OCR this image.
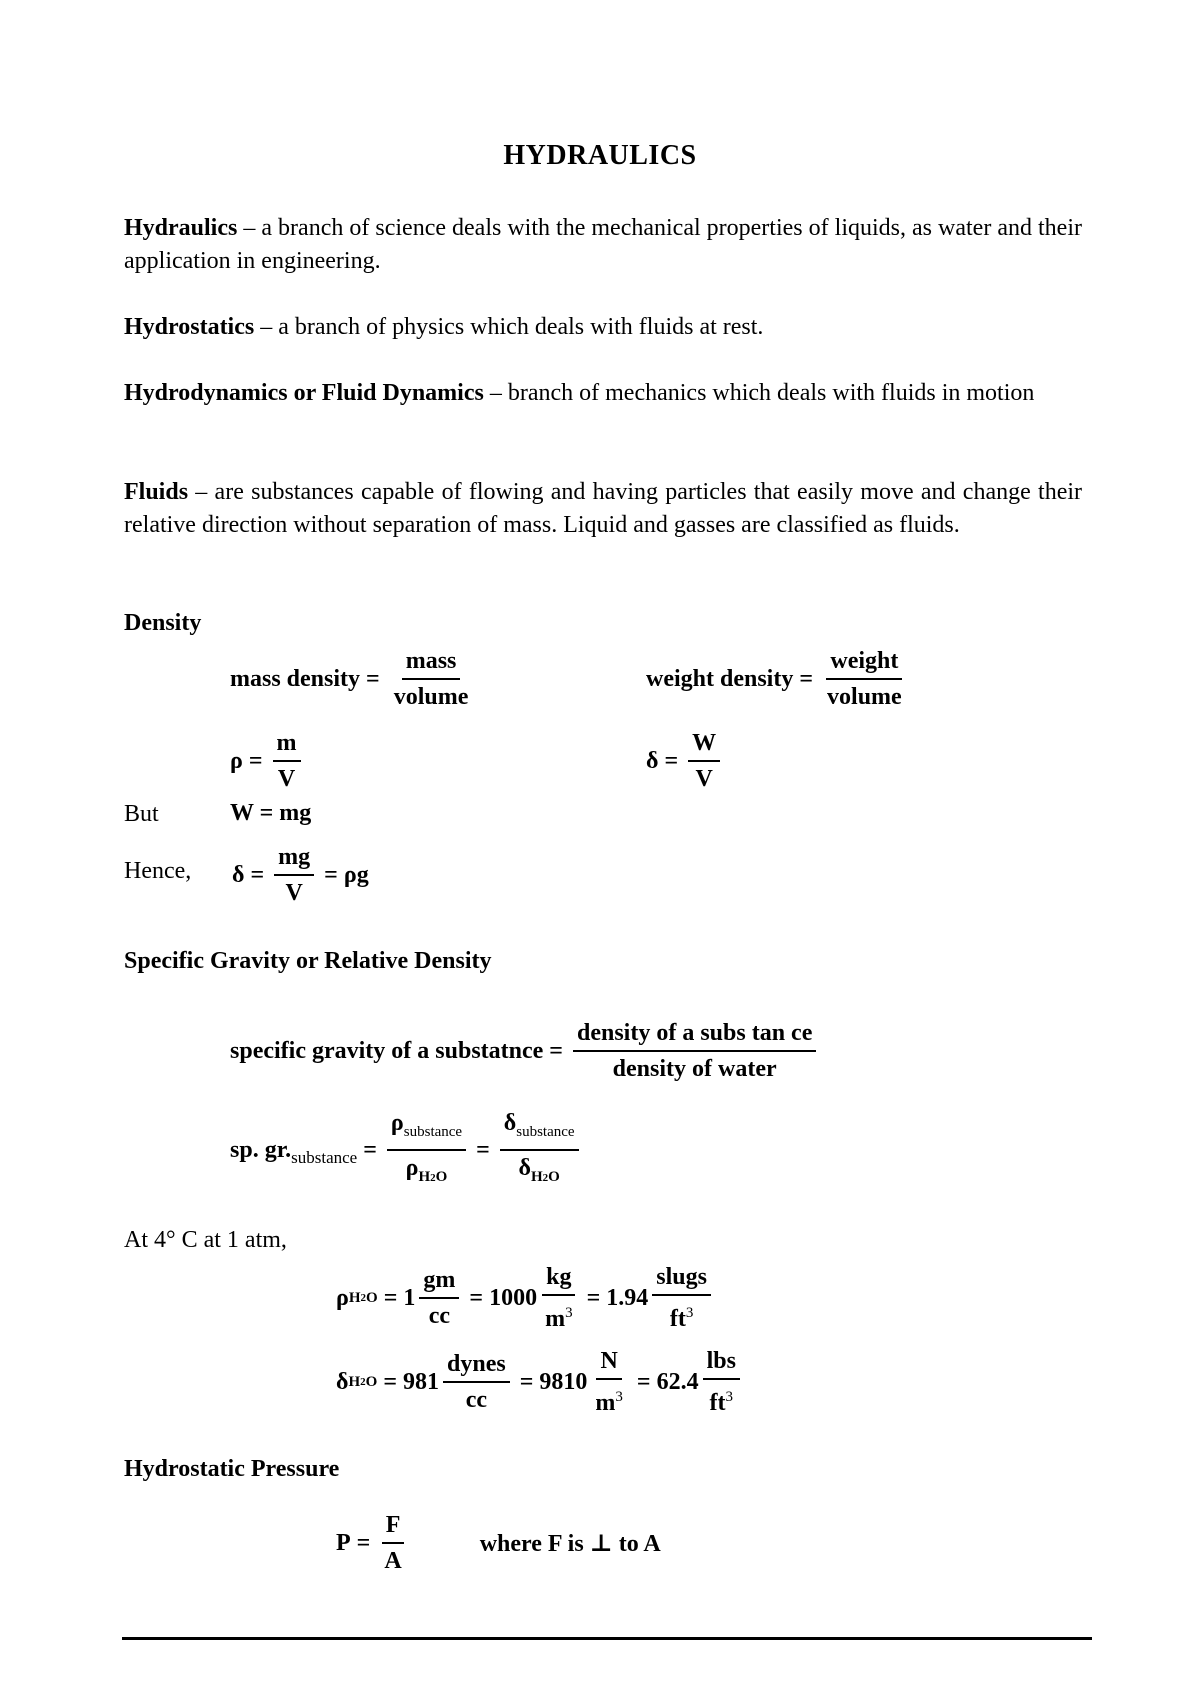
HYDRAULICS
Hydraulics – a branch of science deals with the mechanical properties of liquids, as water and their application in engineering.
Hydrostatics – a branch of physics which deals with fluids at rest.
Hydrodynamics or Fluid Dynamics – branch of mechanics which deals with fluids in motion
Fluids – are substances capable of flowing and having particles that easily move and change their relative direction without separation of mass. Liquid and gasses are classified as fluids.
Density
mass density = $\frac{\text{mass}}{\text{volume}}$	weight density = $\frac{\text{weight}}{\text{volume}}$
$\rho = \frac{m}{V}$	$\delta = \frac{W}{V}$
But	W = mg
Hence, $\delta = \frac{mg}{V} = \rho g$
Specific Gravity or Relative Density
specific gravity of a substatnce = $\frac{\text{density of a subs tan ce}}{\text{density of water}}$
sp. gr. substance = $\frac{\rho_{substance}}{\rho_{H2O}} = \frac{\delta_{substance}}{\delta_{H2O}}$
At 4° C at 1 atm,
ρ H 2 $O = 1 \frac{gm}{cc} = 1000 \frac{kg}{m^3} = 1.94 \frac{\text{slugs}}{ft^3}$
δ H 2 $O = 981 \frac{\text{dynes}}{cc} = 9810 \frac{N}{m^3} = 62.4 \frac{\text{lbs}}{ft^3}$
Hydrostatic Pressure
$P = \frac{F}{A}$	where F is ⊥ to A
